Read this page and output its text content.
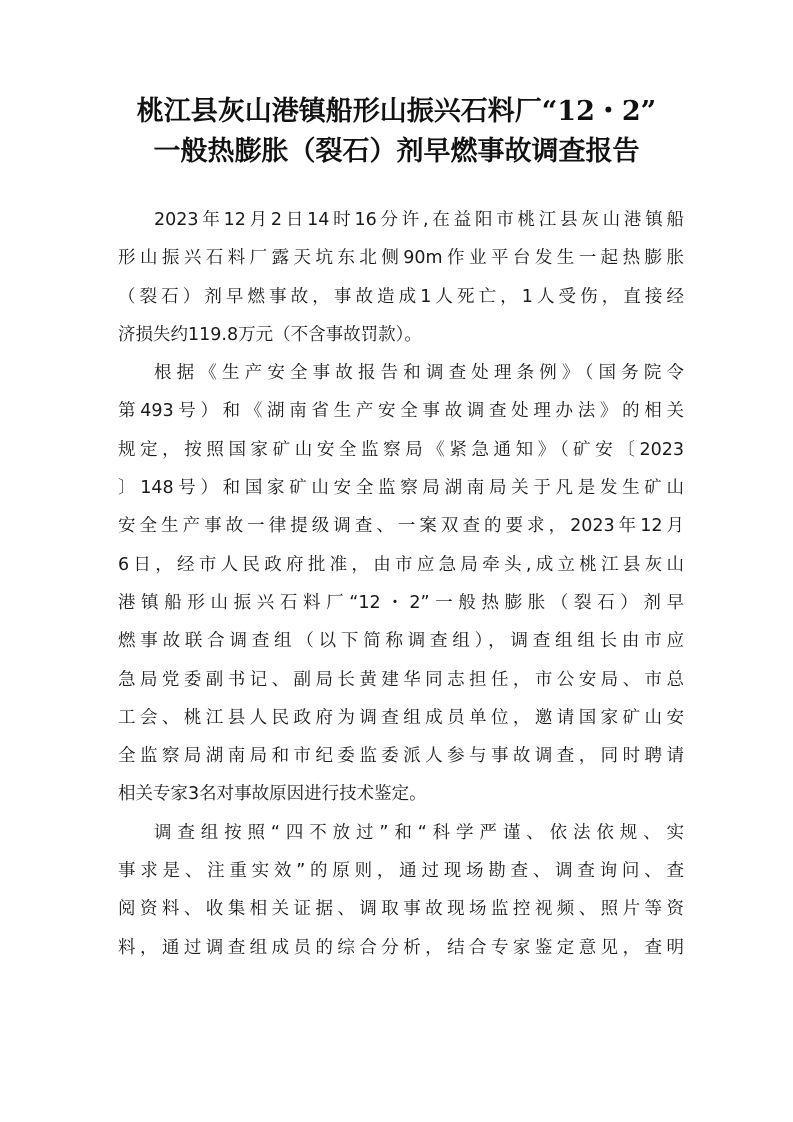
桃江县灰山港镇船形山振兴石料厂“12・2”
一般热膨胀（裂石）剂早燃事故调查报告

2023年12月2日14时16分许,在益阳市桃江县灰山港镇船
形山振兴石料厂露天坑东北侧90m作业平台发生一起热膨胀
（裂石）剂早燃事故，事故造成1人死亡，1人受伤，直接经
济损失约119.8万元（不含事故罚款）。

根据《生产安全事故报告和调查处理条例》（国务院令
第493号）和《湖南省生产安全事故调查处理办法》的相关
规定，按照国家矿山安全监察局《紧急通知》（矿安〔2023
〕148号）和国家矿山安全监察局湖南局关于凡是发生矿山
安全生产事故一律提级调查、一案双查的要求，2023年12月
6日，经市人民政府批准，由市应急局牵头,成立桃江县灰山
港镇船形山振兴石料厂“12・2”一般热膨胀（裂石）剂早
燃事故联合调查组（以下简称调查组），调查组组长由市应
急局党委副书记、副局长黄建华同志担任，市公安局、市总
工会、桃江县人民政府为调查组成员单位，邀请国家矿山安
全监察局湖南局和市纪委监委派人参与事故调查，同时聘请
相关专家3名对事故原因进行技术鉴定。

调查组按照“四不放过”和“科学严谨、依法依规、实
事求是、注重实效”的原则，通过现场勘查、调查询问、查
阅资料、收集相关证据、调取事故现场监控视频、照片等资
料，通过调查组成员的综合分析，结合专家鉴定意见，查明
